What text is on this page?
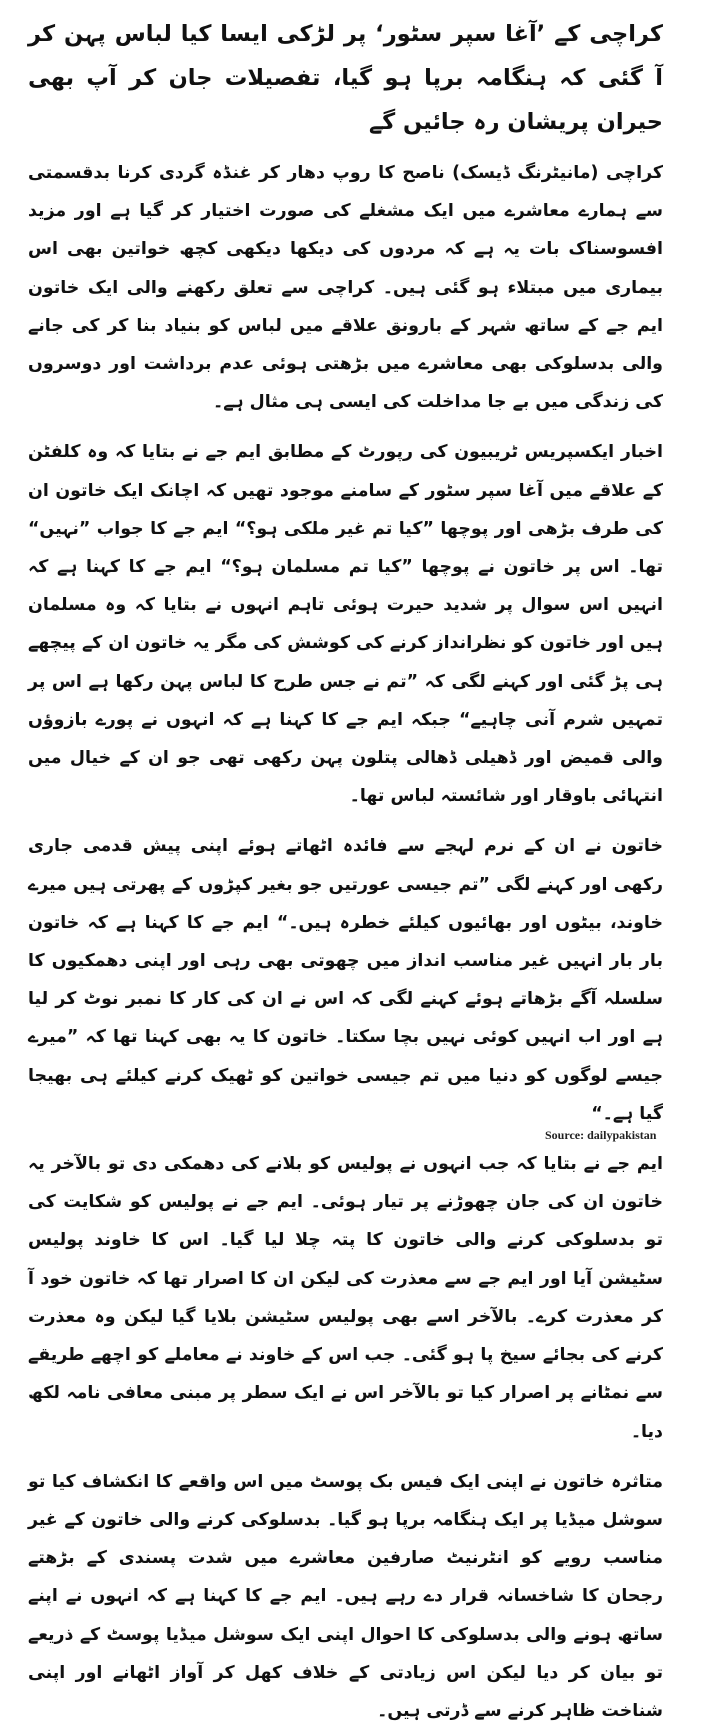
کراچی کے ’آغا سپر سٹور‘ پر لڑکی ایسا کیا لباس پہن کر آ گئی کہ ہنگامہ برپا ہو گیا، تفصیلات جان کر آپ بھی حیران پریشان رہ جائیں گے

کراچی (مانیٹرنگ ڈیسک) ناصح کا روپ دھار کر غنڈہ گردی کرنا بدقسمتی سے ہمارے معاشرے میں ایک مشغلے کی صورت اختیار کر گیا ہے اور مزید افسوسناک بات یہ ہے کہ مردوں کی دیکھا دیکھی کچھ خواتین بھی اس بیماری میں مبتلاء ہو گئی ہیں۔ کراچی سے تعلق رکھنے والی ایک خاتون ایم جے کے ساتھ شہر کے بارونق علاقے میں لباس کو بنیاد بنا کر کی جانے والی بدسلوکی بھی معاشرے میں بڑھتی ہوئی عدم برداشت اور دوسروں کی زندگی میں بے جا مداخلت کی ایسی ہی مثال ہے۔

اخبار ایکسپریس ٹریبیون کی رپورٹ کے مطابق ایم جے نے بتایا کہ وہ کلفٹن کے علاقے میں آغا سپر سٹور کے سامنے موجود تھیں کہ اچانک ایک خاتون ان کی طرف بڑھی اور پوچھا ”کیا تم غیر ملکی ہو؟“ ایم جے کا جواب ”نہیں“ تھا۔ اس پر خاتون نے پوچھا ”کیا تم مسلمان ہو؟“ ایم جے کا کہنا ہے کہ انہیں اس سوال پر شدید حیرت ہوئی تاہم انہوں نے بتایا کہ وہ مسلمان ہیں اور خاتون کو نظرانداز کرنے کی کوشش کی مگر یہ خاتون ان کے پیچھے ہی پڑ گئی اور کہنے لگی کہ ”تم نے جس طرح کا لباس پہن رکھا ہے اس پر تمہیں شرم آنی چاہیے“ جبکہ ایم جے کا کہنا ہے کہ انہوں نے پورے بازوؤں والی قمیض اور ڈھیلی ڈھالی پتلون پہن رکھی تھی جو ان کے خیال میں انتہائی باوقار اور شائستہ لباس تھا۔

خاتون نے ان کے نرم لہجے سے فائدہ اٹھاتے ہوئے اپنی پیش قدمی جاری رکھی اور کہنے لگی ”تم جیسی عورتیں جو بغیر کپڑوں کے پھرتی ہیں میرے خاوند، بیٹوں اور بھائیوں کیلئے خطرہ ہیں۔“ ایم جے کا کہنا ہے کہ خاتون بار بار انہیں غیر مناسب انداز میں چھوتی بھی رہی اور اپنی دھمکیوں کا سلسلہ آگے بڑھاتے ہوئے کہنے لگی کہ اس نے ان کی کار کا نمبر نوٹ کر لیا ہے اور اب انہیں کوئی نہیں بچا سکتا۔ خاتون کا یہ بھی کہنا تھا کہ ”میرے جیسے لوگوں کو دنیا میں تم جیسی خواتین کو ٹھیک کرنے کیلئے ہی بھیجا گیا ہے۔“

ایم جے نے بتایا کہ جب انہوں نے پولیس کو بلانے کی دھمکی دی تو بالآخر یہ خاتون ان کی جان چھوڑنے پر تیار ہوئی۔ ایم جے نے پولیس کو شکایت کی تو بدسلوکی کرنے والی خاتون کا پتہ چلا لیا گیا۔ اس کا خاوند پولیس سٹیشن آیا اور ایم جے سے معذرت کی لیکن ان کا اصرار تھا کہ خاتون خود آ کر معذرت کرے۔ بالآخر اسے بھی پولیس سٹیشن بلایا گیا لیکن وہ معذرت کرنے کی بجائے سیخ پا ہو گئی۔ جب اس کے خاوند نے معاملے کو اچھے طریقے سے نمٹانے پر اصرار کیا تو بالآخر اس نے ایک سطر پر مبنی معافی نامہ لکھ دیا۔

متاثرہ خاتون نے اپنی ایک فیس بک پوسٹ میں اس واقعے کا انکشاف کیا تو سوشل میڈیا پر ایک ہنگامہ برپا ہو گیا۔ بدسلوکی کرنے والی خاتون کے غیر مناسب رویے کو انٹرنیٹ صارفین معاشرے میں شدت پسندی کے بڑھتے رجحان کا شاخسانہ قرار دے رہے ہیں۔ ایم جے کا کہنا ہے کہ انہوں نے اپنے ساتھ ہونے والی بدسلوکی کا احوال اپنی ایک سوشل میڈیا پوسٹ کے ذریعے تو بیان کر دیا لیکن اس زیادتی کے خلاف کھل کر آواز اٹھانے اور اپنی شناخت ظاہر کرنے سے ڈرتی ہیں۔

Source: dailypakistan
